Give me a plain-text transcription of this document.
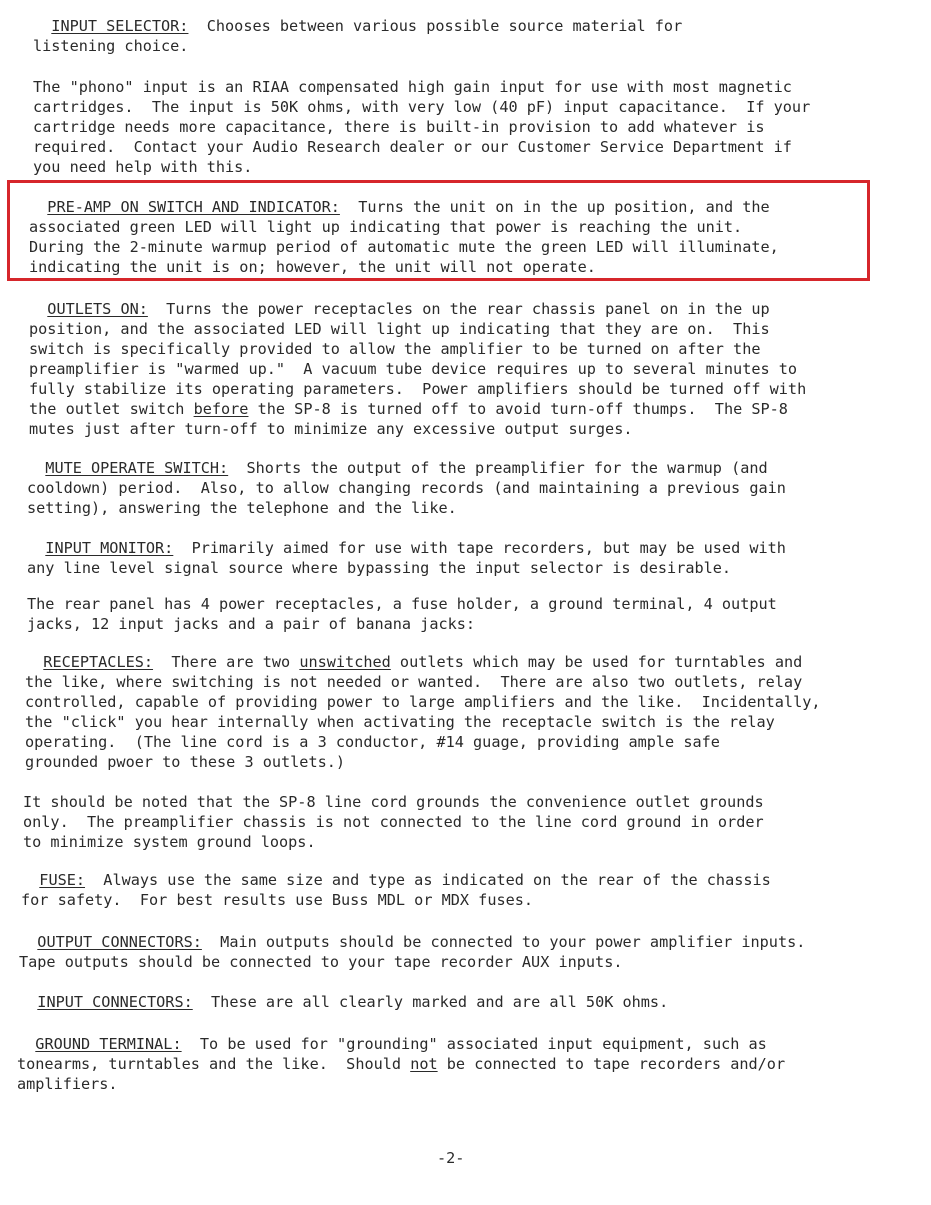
INPUT SELECTOR:  Chooses between various possible source material for
listening choice.
The "phono" input is an RIAA compensated high gain input for use with most magnetic
cartridges.  The input is 50K ohms, with very low (40 pF) input capacitance.  If your
cartridge needs more capacitance, there is built-in provision to add whatever is
required.  Contact your Audio Research dealer or our Customer Service Department if
you need help with this.
PRE-AMP ON SWITCH AND INDICATOR:  Turns the unit on in the up position, and the
associated green LED will light up indicating that power is reaching the unit.
During the 2-minute warmup period of automatic mute the green LED will illuminate,
indicating the unit is on; however, the unit will not operate.
OUTLETS ON:  Turns the power receptacles on the rear chassis panel on in the up
position, and the associated LED will light up indicating that they are on.  This
switch is specifically provided to allow the amplifier to be turned on after the
preamplifier is "warmed up."  A vacuum tube device requires up to several minutes to
fully stabilize its operating parameters.  Power amplifiers should be turned off with
the outlet switch before the SP-8 is turned off to avoid turn-off thumps.  The SP-8
mutes just after turn-off to minimize any excessive output surges.
MUTE OPERATE SWITCH:  Shorts the output of the preamplifier for the warmup (and
cooldown) period.  Also, to allow changing records (and maintaining a previous gain
setting), answering the telephone and the like.
INPUT MONITOR:  Primarily aimed for use with tape recorders, but may be used with
any line level signal source where bypassing the input selector is desirable.
The rear panel has 4 power receptacles, a fuse holder, a ground terminal, 4 output
jacks, 12 input jacks and a pair of banana jacks:
RECEPTACLES:  There are two unswitched outlets which may be used for turntables and
the like, where switching is not needed or wanted.  There are also two outlets, relay
controlled, capable of providing power to large amplifiers and the like.  Incidentally,
the "click" you hear internally when activating the receptacle switch is the relay
operating.  (The line cord is a 3 conductor, #14 guage, providing ample safe
grounded pwoer to these 3 outlets.)
It should be noted that the SP-8 line cord grounds the convenience outlet grounds
only.  The preamplifier chassis is not connected to the line cord ground in order
to minimize system ground loops.
FUSE:  Always use the same size and type as indicated on the rear of the chassis
for safety.  For best results use Buss MDL or MDX fuses.
OUTPUT CONNECTORS:  Main outputs should be connected to your power amplifier inputs.
Tape outputs should be connected to your tape recorder AUX inputs.
INPUT CONNECTORS:  These are all clearly marked and are all 50K ohms.
GROUND TERMINAL:  To be used for "grounding" associated input equipment, such as
tonearms, turntables and the like.  Should not be connected to tape recorders and/or
amplifiers.
-2-
